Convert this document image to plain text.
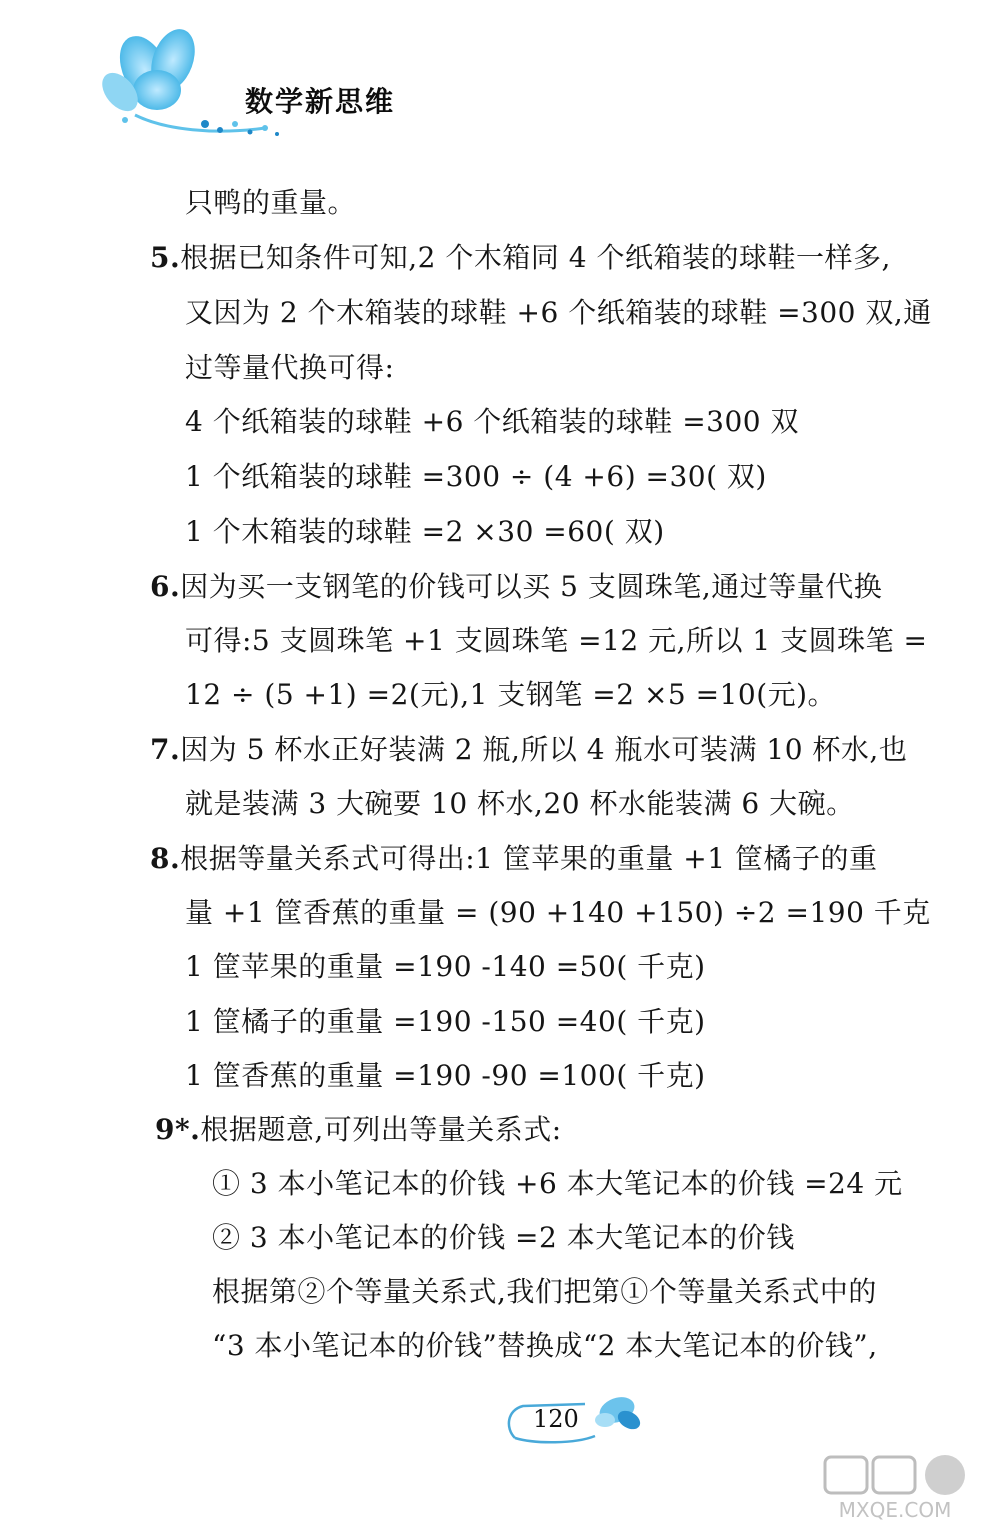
数学新思维
只鸭的重量。
5.根据已知条件可知,2 个木箱同 4 个纸箱装的球鞋一样多,
又因为 2 个木箱装的球鞋 +6 个纸箱装的球鞋 =300 双,通
过等量代换可得:
4 个纸箱装的球鞋 +6 个纸箱装的球鞋 =300 双
1 个纸箱装的球鞋 =300 ÷ (4 +6) =30( 双)
1 个木箱装的球鞋 =2 ×30 =60( 双)
6.因为买一支钢笔的价钱可以买 5 支圆珠笔,通过等量代换
可得:5 支圆珠笔 +1 支圆珠笔 =12 元,所以 1 支圆珠笔 =
12 ÷ (5 +1) =2(元),1 支钢笔 =2 ×5 =10(元)。
7.因为 5 杯水正好装满 2 瓶,所以 4 瓶水可装满 10 杯水,也
就是装满 3 大碗要 10 杯水,20 杯水能装满 6 大碗。
8.根据等量关系式可得出:1 筐苹果的重量 +1 筐橘子的重
量 +1 筐香蕉的重量 = (90 +140 +150) ÷2 =190 千克
1 筐苹果的重量 =190 -140 =50( 千克)
1 筐橘子的重量 =190 -150 =40( 千克)
1 筐香蕉的重量 =190 -90 =100( 千克)
9*.根据题意,可列出等量关系式:
① 3 本小笔记本的价钱 +6 本大笔记本的价钱 =24 元
② 3 本小笔记本的价钱 =2 本大笔记本的价钱
根据第②个等量关系式,我们把第①个等量关系式中的
“3 本小笔记本的价钱”替换成“2 本大笔记本的价钱”,
120
MXQE.COM
